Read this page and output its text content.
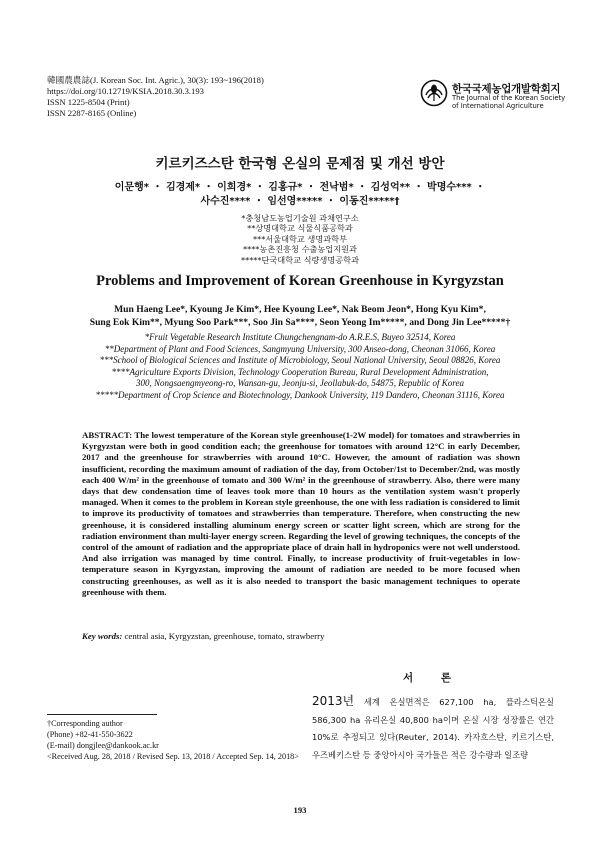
韓國農農誌(J. Korean Soc. Int. Agric.), 30(3): 193~196(2018)
https://doi.org/10.12719/KSIA.2018.30.3.193
ISSN 1225-8504 (Print)
ISSN 2287-8165 (Online)
한국국제농업개발학회지
The Journal of the Korean Society
of International Agriculture
키르키즈스탄 한국형 온실의 문제점 및 개선 방안
이문행* ・ 김경제* ・ 이희경* ・ 김홍규* ・ 전낙범* ・ 김성억** ・ 박명수*** ・
사수진**** ・ 임선영***** ・ 이동진*****†
*충청남도농업기술원 과채연구소
**상명대학교 식물식품공학과
***서울대학교 생명과학부
****농촌진흥청 수출농업지원과
*****단국대학교 식량생명공학과
Problems and Improvement of Korean Greenhouse in Kyrgyzstan
Mun Haeng Lee*, Kyoung Je Kim*, Hee Kyoung Lee*, Nak Beom Jeon*, Hong Kyu Kim*,
Sung Eok Kim**, Myung Soo Park***, Soo Jin Sa****, Seon Yeong Im*****, and Dong Jin Lee*****†
*Fruit Vegetable Research Institute Chungchengnam-do A.R.E.S, Buyeo 32514, Korea
**Department of Plant and Food Sciences, Sangmyung University, 300 Anseo-dong, Cheonan 31066, Korea
***School of Biological Sciences and Institute of Microbiology, Seoul National University, Seoul 08826, Korea
****Agriculture Exports Division, Technology Cooperation Bureau, Rural Development Administration,
300, Nongsaengmyeong-ro, Wansan-gu, Jeonju-si, Jeollabuk-do, 54875, Republic of Korea
*****Department of Crop Science and Biotechnology, Dankook University, 119 Dandero, Cheonan 31116, Korea
ABSTRACT: The lowest temperature of the Korean style greenhouse(1-2W model) for tomatoes and strawberries in Kyrgyzstan were both in good condition each; the greenhouse for tomatoes with around 12°C in early December, 2017 and the greenhouse for strawberries with around 10°C. However, the amount of radiation was shown insufficient, recording the maximum amount of radiation of the day, from October/1st to December/2nd, was mostly each 400 W/m² in the greenhouse of tomato and 300 W/m² in the greenhouse of strawberry. Also, there were many days that dew condensation time of leaves took more than 10 hours as the ventilation system wasn't properly managed. When it comes to the problem in Korean style greenhouse, the one with less radiation is considered to limit to improve its productivity of tomatoes and strawberries than temperature. Therefore, when constructing the new greenhouse, it is considered installing aluminum energy screen or scatter light screen, which are strong for the radiation environment than multi-layer energy screen. Regarding the level of growing techniques, the concepts of the control of the amount of radiation and the appropriate place of drain hall in hydroponics were not well understood. And also irrigation was managed by time control. Finally, to increase productivity of fruit-vegetables in low-temperature season in Kyrgyzstan, improving the amount of radiation are needed to be more focused when constructing greenhouses, as well as it is also needed to transport the basic management techniques to operate greenhouse with them.
Key words: central asia, Kyrgyzstan, greenhouse, tomato, strawberry
†Corresponding author
(Phone) +82-41-550-3622
(E-mail) dongjlee@dankook.ac.kr
<Received Aug. 28, 2018 / Revised Sep. 13, 2018 / Accepted Sep. 14, 2018>
서 론
2013년 세계 온실면적은 627,100 ha, 플라스틱온실 586,300 ha 유리온실 40,800 ha이며 온실 시장 성장률은 연간 10%로 추정되고 있다(Reuter, 2014). 카자흐스탄, 키르기스탄, 우즈베키스탄 등 중앙아시아 국가들은 적은 강수량과 일조량
193
